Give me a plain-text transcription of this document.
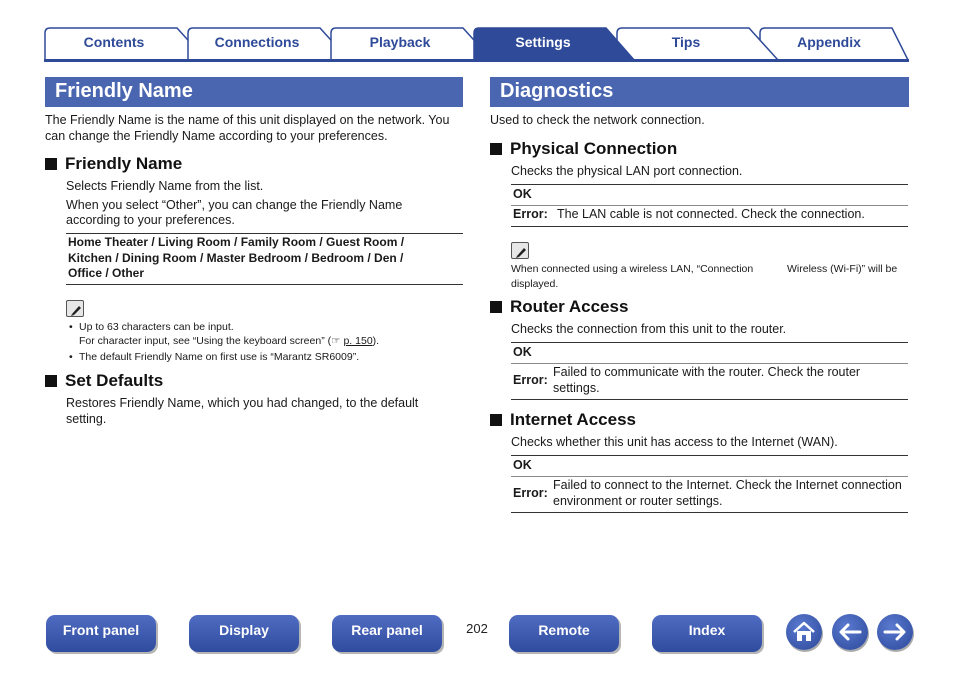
Contents	Connections	Playback	Appendix
Tips
Settings
Friendly Name
The Friendly Name is the name of this unit displayed on the network. You
can change the Friendly Name according to your preferences.
Friendly Name
Selects Friendly Name from the list.
When you select “Other”, you can change the Friendly Name
according to your preferences.
Home Theater / Living Room / Family Room / Guest Room /
Kitchen / Dining Room / Master Bedroom / Bedroom / Den /
Office / Other
• Up to 63 characters can be input.
For character input, see “Using the keyboard screen” (☞ p. 150).
• The default Friendly Name on first use is “Marantz SR6009”.
Set Defaults
Restores Friendly Name, which you had changed, to the default
setting.
Diagnostics
Used to check the network connection.
Physical Connection
Checks the physical LAN port connection.
OK
Error: The LAN cable is not connected. Check the connection.
When connected using a wireless LAN, “Connection	Wireless (Wi-Fi)” will be
displayed.
Router Access
Checks the connection from this unit to the router.
OK
Error:
Failed to communicate with the router. Check the router
settings.
Internet Access
Checks whether this unit has access to the Internet (WAN).
OK
Error:
Failed to connect to the Internet. Check the Internet connection
environment or router settings.
Front panel	Display	Rear panel	202	Remote	Index
